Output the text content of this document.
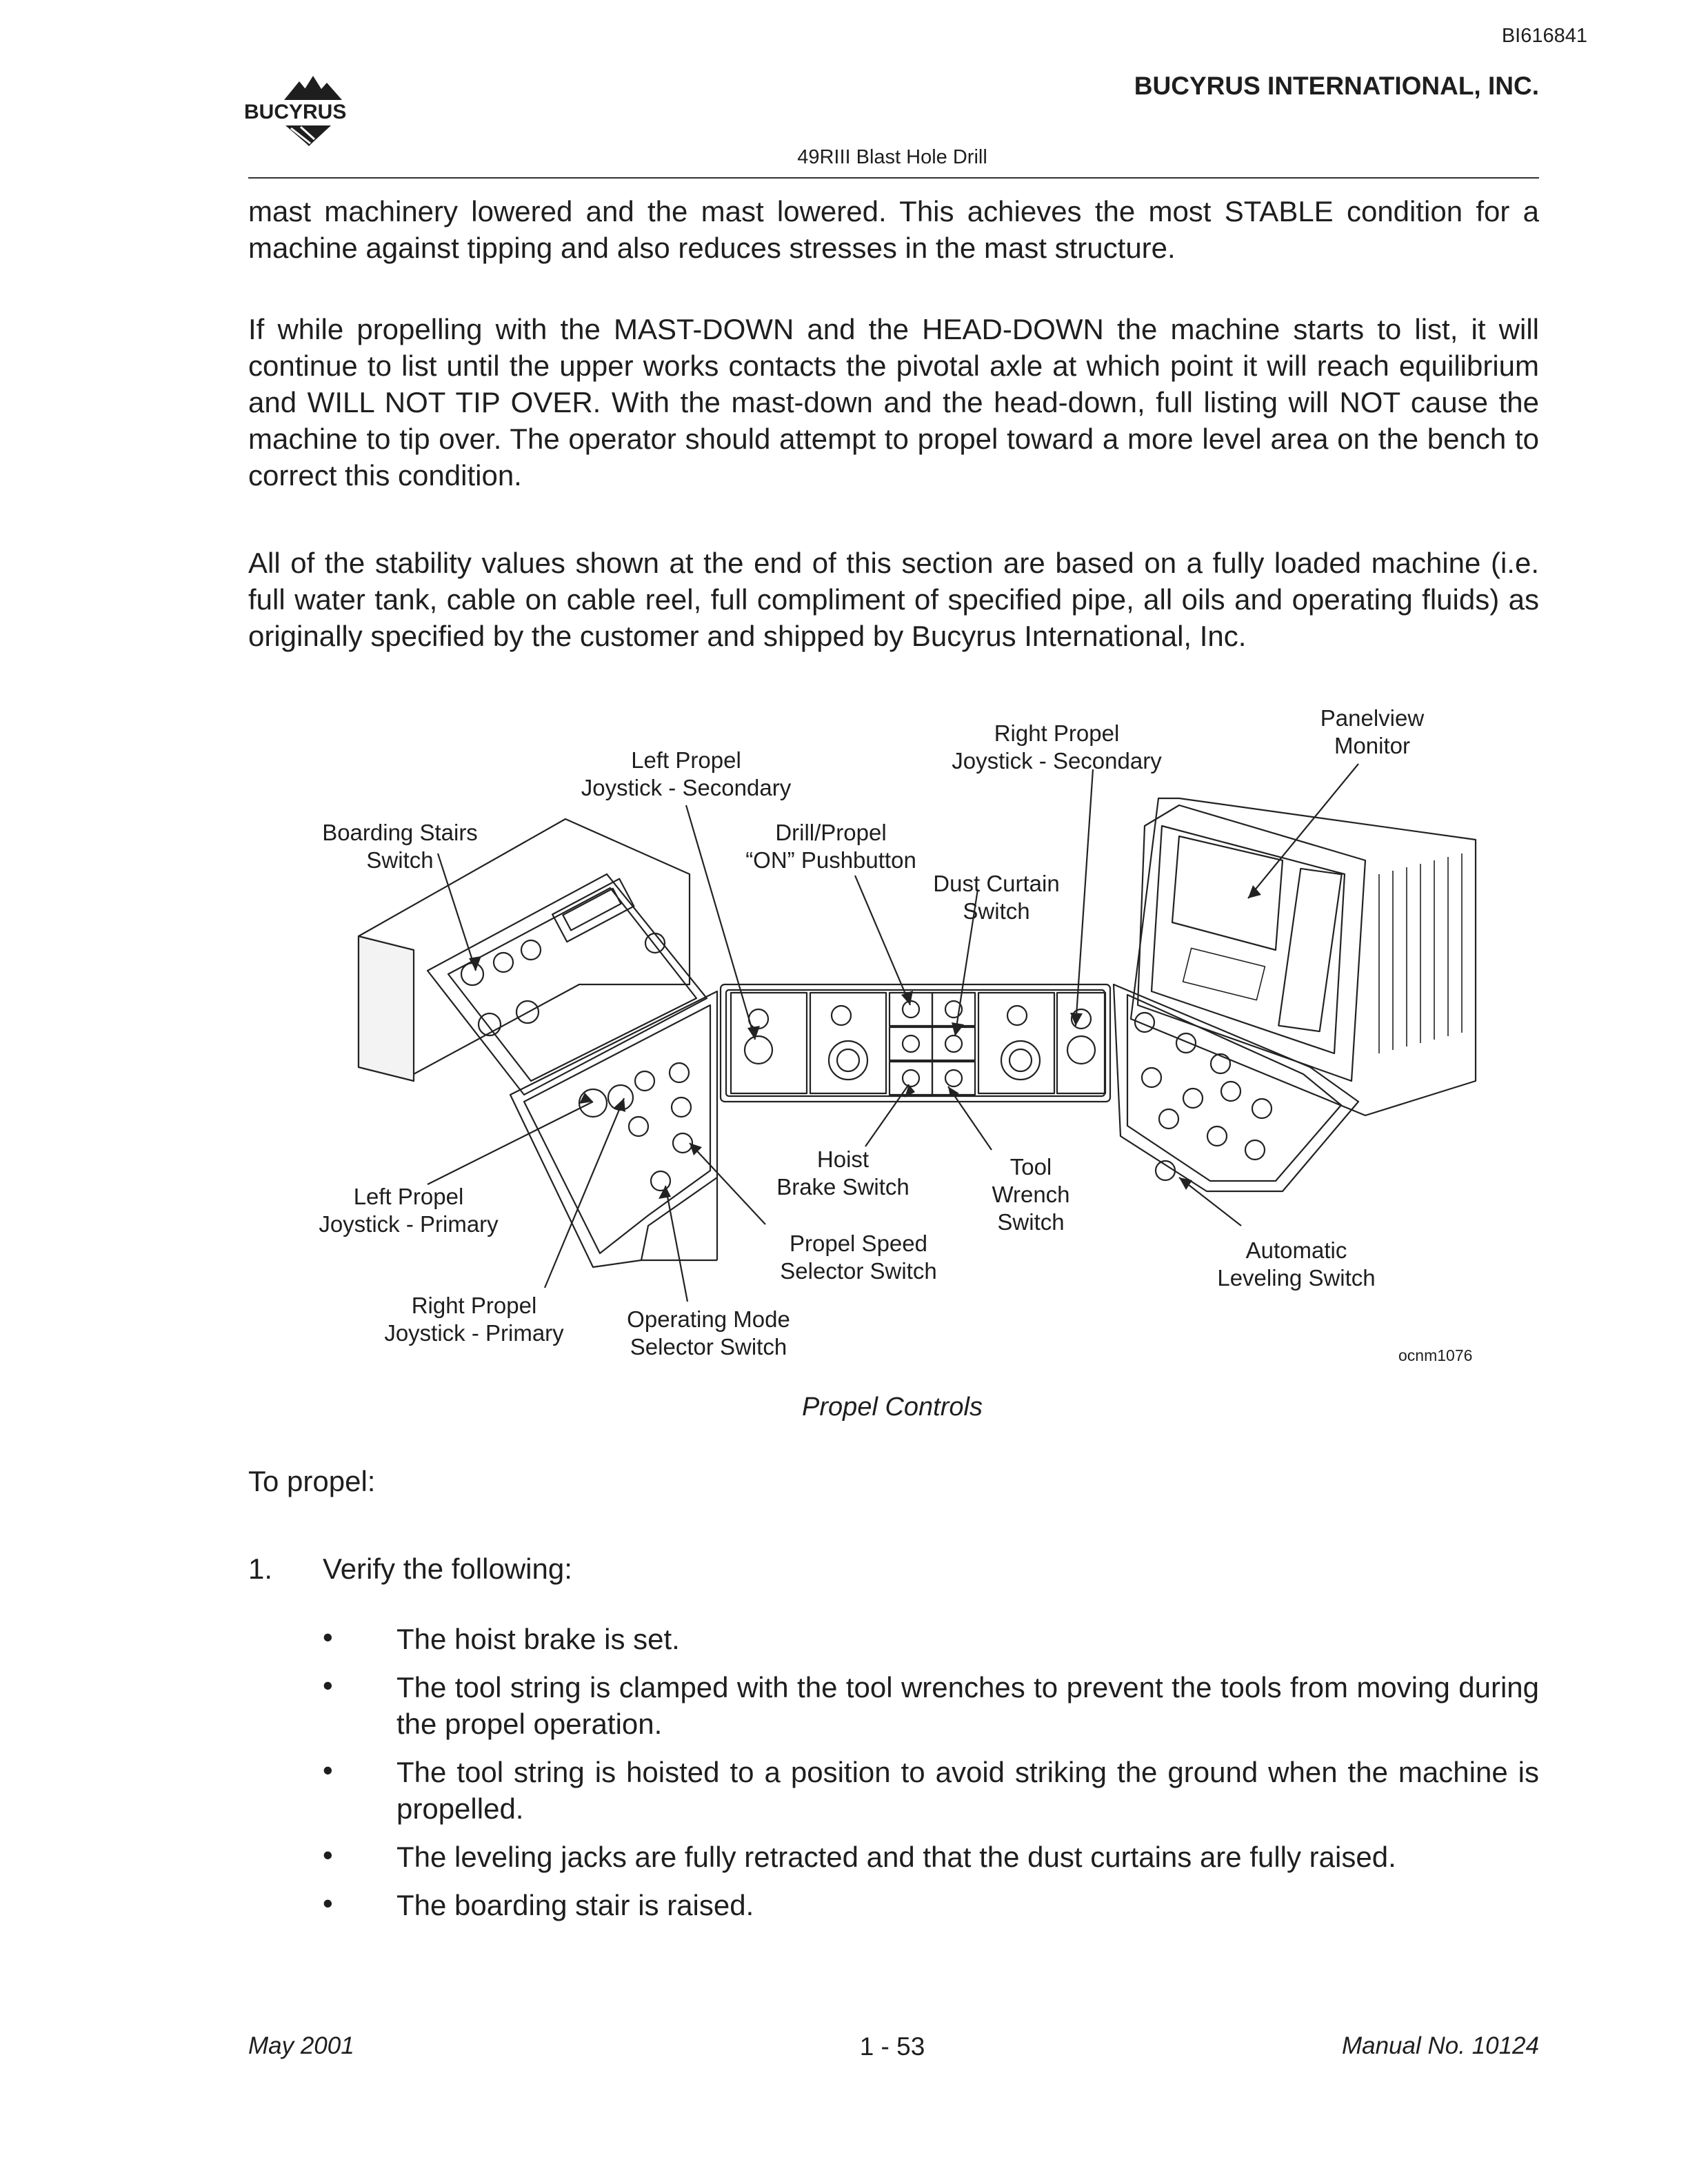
BI616841
BUCYRUS INTERNATIONAL, INC.
49RIII Blast Hole Drill
BUCYRUS
mast machinery lowered and the mast lowered. This achieves the most STABLE condition for a machine against tipping and also reduces stresses in the mast structure.
If while propelling with the MAST-DOWN and the HEAD-DOWN the machine starts to list, it will continue to list until the upper works contacts the pivotal axle at which point it will reach equilibrium and WILL NOT TIP OVER. With the mast-down and the head-down, full listing will NOT cause the machine to tip over. The operator should attempt to propel toward a more level area on the bench to correct this condition.
All of the stability values shown at the end of this section are based on a fully loaded machine (i.e. full water tank, cable on cable reel, full compliment of specified pipe, all oils and operating fluids) as originally specified by the customer and shipped by Bucyrus International, Inc.
Left Propel
Joystick - Secondary
Right Propel
Joystick - Secondary
Panelview
Monitor
Boarding Stairs
Switch
Drill/Propel
“ON” Pushbutton
Dust Curtain
Switch
Left Propel
Joystick - Primary
Hoist
Brake Switch
Tool
Wrench
Switch
Propel Speed
Selector Switch
Automatic
Leveling Switch
Right Propel
Joystick - Primary
Operating Mode
Selector Switch	ocnm1076
Propel Controls
To propel:
1. Verify the following:
• The hoist brake is set.
• The tool string is clamped with the tool wrenches to prevent the tools from moving during the propel operation.
• The tool string is hoisted to a position to avoid striking the ground when the machine is propelled.
• The leveling jacks are fully retracted and that the dust curtains are fully raised.
• The boarding stair is raised.
May 2001	1 - 53	Manual No. 10124
